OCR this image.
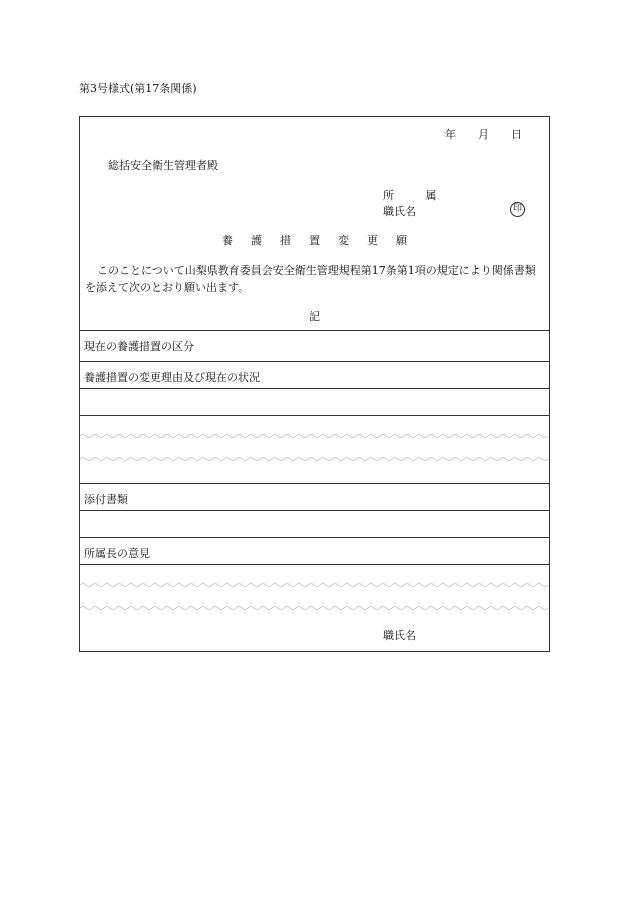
第3号様式(第17条関係)
年 月 日
総括安全衛生管理者殿
所 属
職氏名	印
養護措置変更願
このことについて山梨県教育委員会安全衛生管理規程第17条第1項の規定により関係書類を添えて次のとおり願い出ます。
記
現在の養護措置の区分
養護措置の変更理由及び現在の状況
添付書類
所属長の意見
職氏名
